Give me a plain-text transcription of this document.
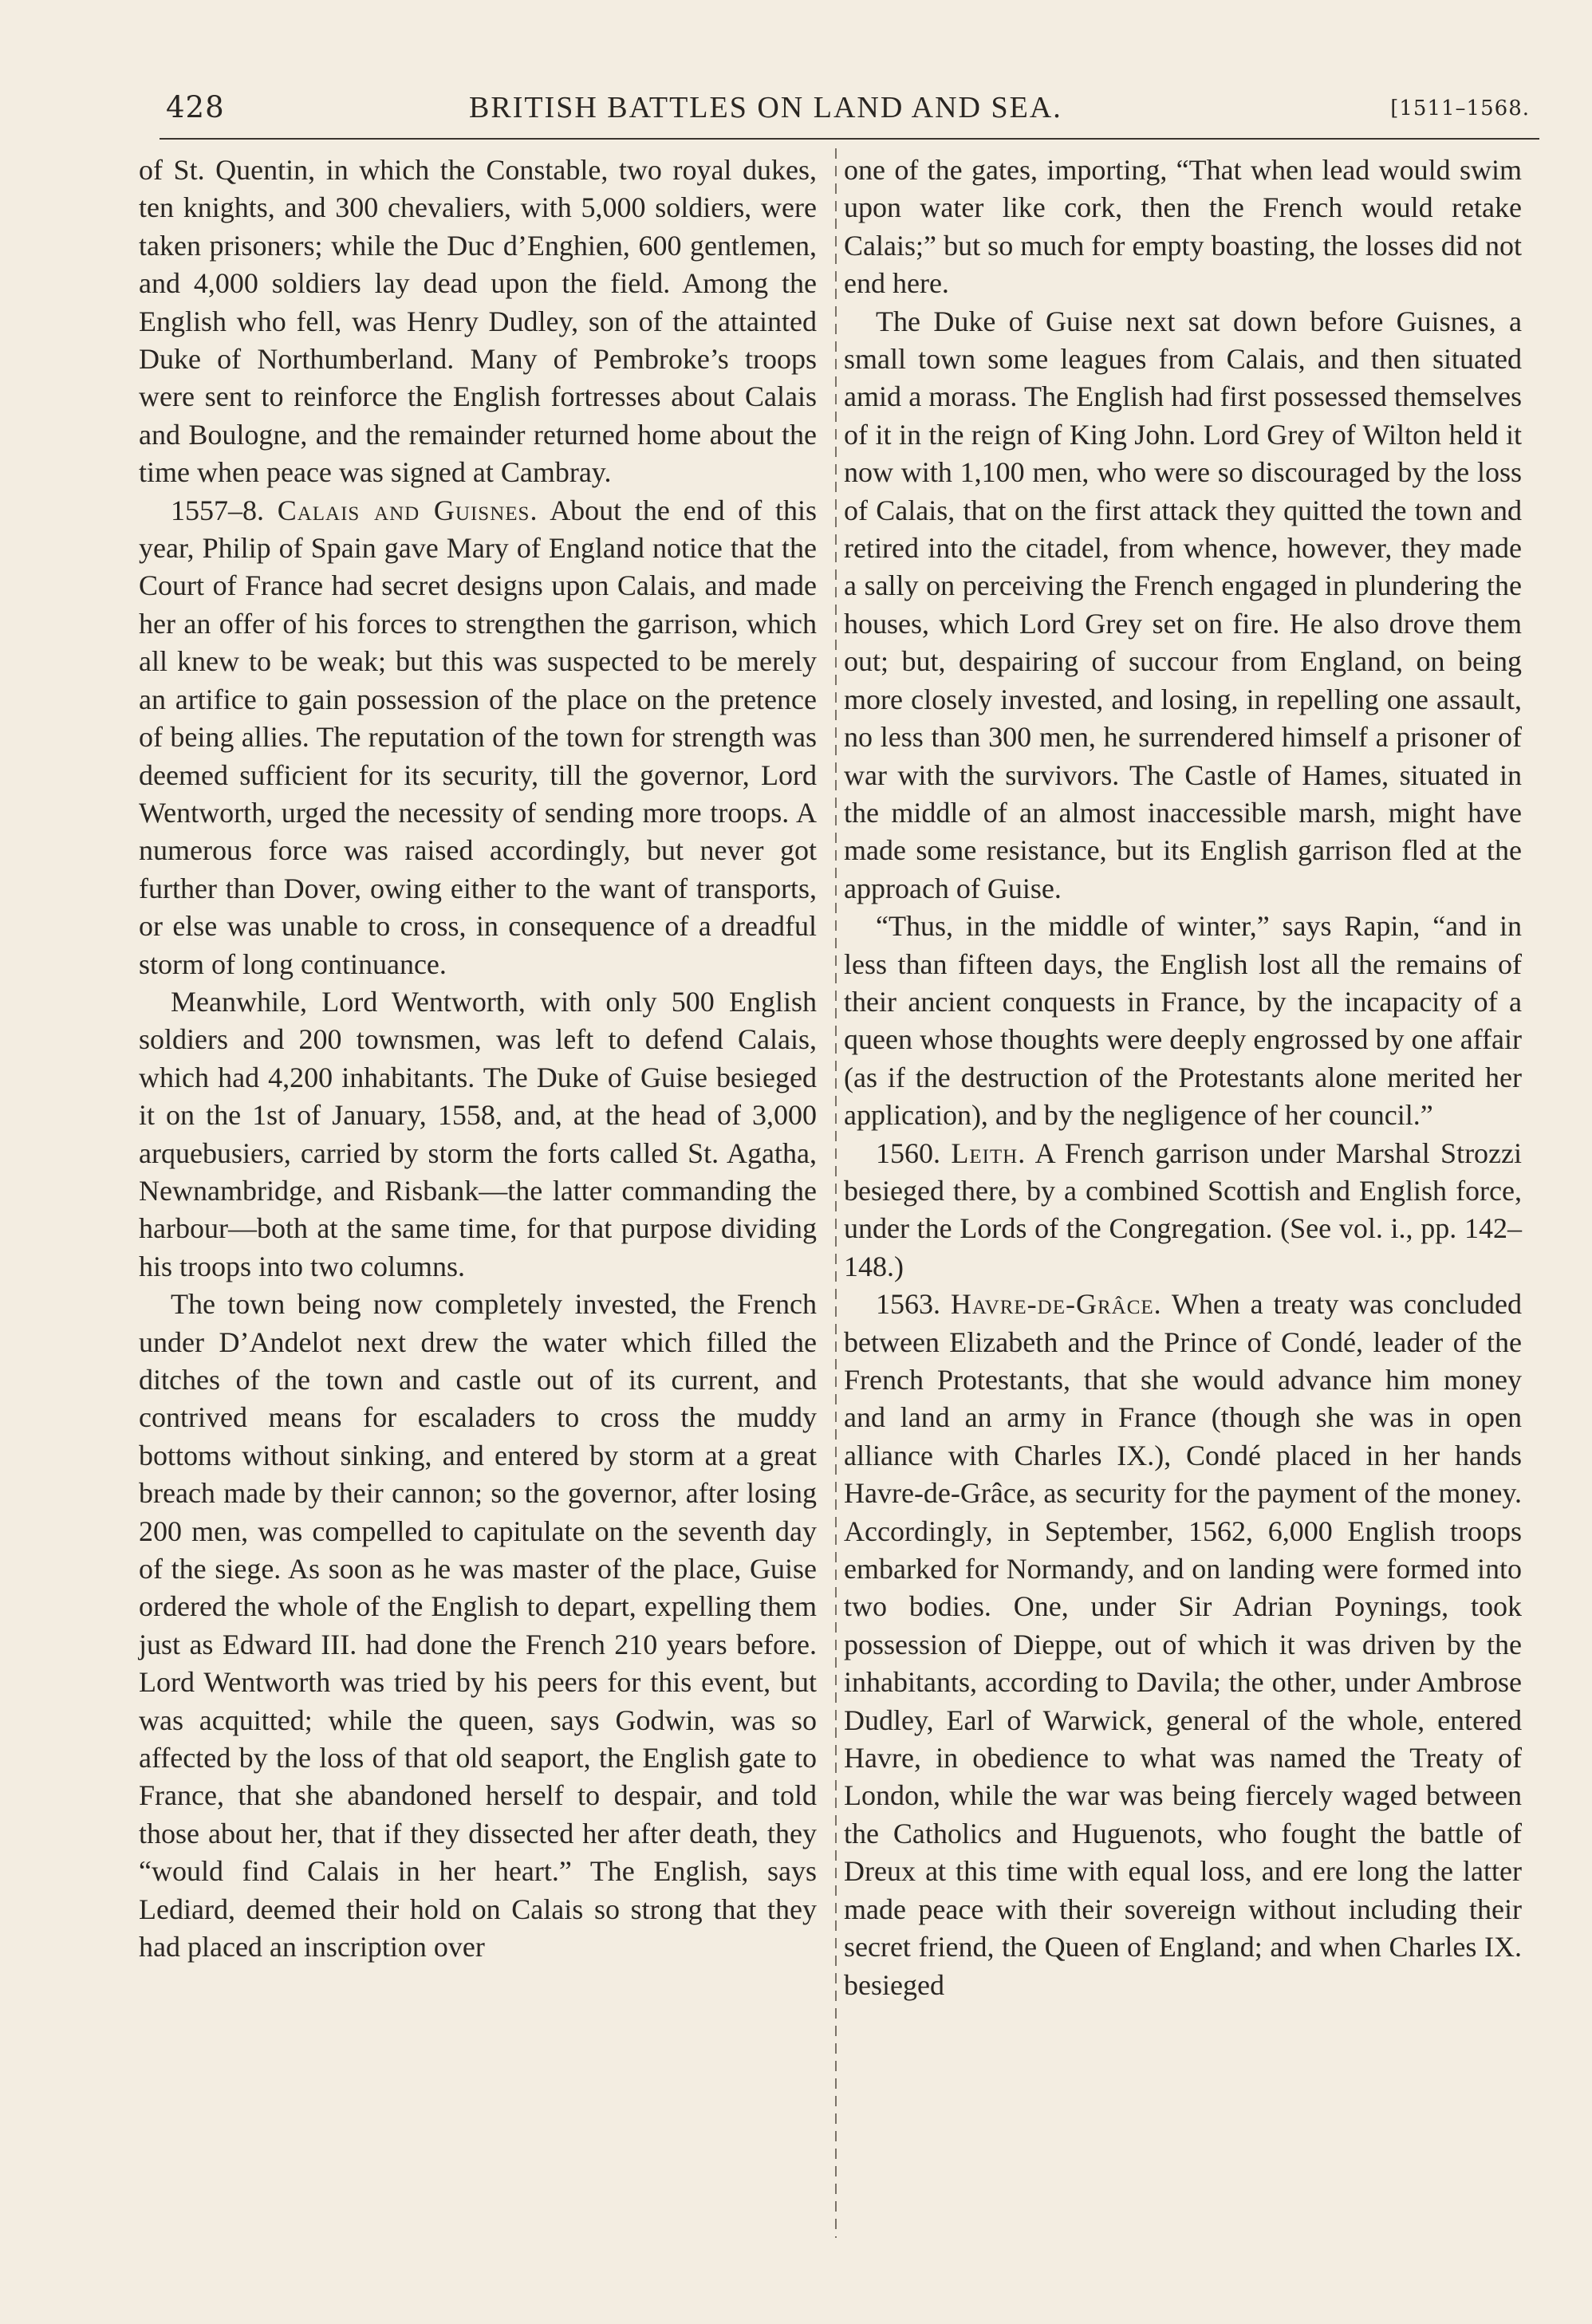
428	BRITISH BATTLES ON LAND AND SEA.	[1511–1568.

of St. Quentin, in which the Constable, two royal dukes, ten knights, and 300 chevaliers, with 5,000 soldiers, were taken prisoners; while the Duc d’Enghien, 600 gentlemen, and 4,000 soldiers lay dead upon the field. Among the English who fell, was Henry Dudley, son of the attainted Duke of Northumberland. Many of Pembroke’s troops were sent to reinforce the English fortresses about Calais and Boulogne, and the remainder returned home about the time when peace was signed at Cambray.

1557–8. Calais and Guisnes. About the end of this year, Philip of Spain gave Mary of England notice that the Court of France had secret designs upon Calais, and made her an offer of his forces to strengthen the garrison, which all knew to be weak; but this was suspected to be merely an artifice to gain possession of the place on the pretence of being allies. The reputation of the town for strength was deemed sufficient for its security, till the governor, Lord Wentworth, urged the necessity of sending more troops. A numerous force was raised accordingly, but never got further than Dover, owing either to the want of transports, or else was unable to cross, in consequence of a dreadful storm of long continuance.

Meanwhile, Lord Wentworth, with only 500 English soldiers and 200 townsmen, was left to defend Calais, which had 4,200 inhabitants. The Duke of Guise besieged it on the 1st of January, 1558, and, at the head of 3,000 arquebusiers, carried by storm the forts called St. Agatha, Newnambridge, and Risbank—the latter commanding the harbour—both at the same time, for that purpose dividing his troops into two columns.

The town being now completely invested, the French under D’Andelot next drew the water which filled the ditches of the town and castle out of its current, and contrived means for escaladers to cross the muddy bottoms without sinking, and entered by storm at a great breach made by their cannon; so the governor, after losing 200 men, was compelled to capitulate on the seventh day of the siege. As soon as he was master of the place, Guise ordered the whole of the English to depart, expelling them just as Edward III. had done the French 210 years before. Lord Wentworth was tried by his peers for this event, but was acquitted; while the queen, says Godwin, was so affected by the loss of that old seaport, the English gate to France, that she abandoned herself to despair, and told those about her, that if they dissected her after death, they “would find Calais in her heart.” The English, says Lediard, deemed their hold on Calais so strong that they had placed an inscription over

one of the gates, importing, “That when lead would swim upon water like cork, then the French would retake Calais;” but so much for empty boasting, the losses did not end here.

The Duke of Guise next sat down before Guisnes, a small town some leagues from Calais, and then situated amid a morass. The English had first possessed themselves of it in the reign of King John. Lord Grey of Wilton held it now with 1,100 men, who were so discouraged by the loss of Calais, that on the first attack they quitted the town and retired into the citadel, from whence, however, they made a sally on perceiving the French engaged in plundering the houses, which Lord Grey set on fire. He also drove them out; but, despairing of succour from England, on being more closely invested, and losing, in repelling one assault, no less than 300 men, he surrendered himself a prisoner of war with the survivors. The Castle of Hames, situated in the middle of an almost inaccessible marsh, might have made some resistance, but its English garrison fled at the approach of Guise.

“Thus, in the middle of winter,” says Rapin, “and in less than fifteen days, the English lost all the remains of their ancient conquests in France, by the incapacity of a queen whose thoughts were deeply engrossed by one affair (as if the destruction of the Protestants alone merited her application), and by the negligence of her council.”

1560. Leith. A French garrison under Marshal Strozzi besieged there, by a combined Scottish and English force, under the Lords of the Congregation. (See vol. i., pp. 142–148.)

1563. Havre-de-Grâce. When a treaty was concluded between Elizabeth and the Prince of Condé, leader of the French Protestants, that she would advance him money and land an army in France (though she was in open alliance with Charles IX.), Condé placed in her hands Havre-de-Grâce, as security for the payment of the money. Accordingly, in September, 1562, 6,000 English troops embarked for Normandy, and on landing were formed into two bodies. One, under Sir Adrian Poynings, took possession of Dieppe, out of which it was driven by the inhabitants, according to Davila; the other, under Ambrose Dudley, Earl of Warwick, general of the whole, entered Havre, in obedience to what was named the Treaty of London, while the war was being fiercely waged between the Catholics and Huguenots, who fought the battle of Dreux at this time with equal loss, and ere long the latter made peace with their sovereign without including their secret friend, the Queen of England; and when Charles IX. besieged
